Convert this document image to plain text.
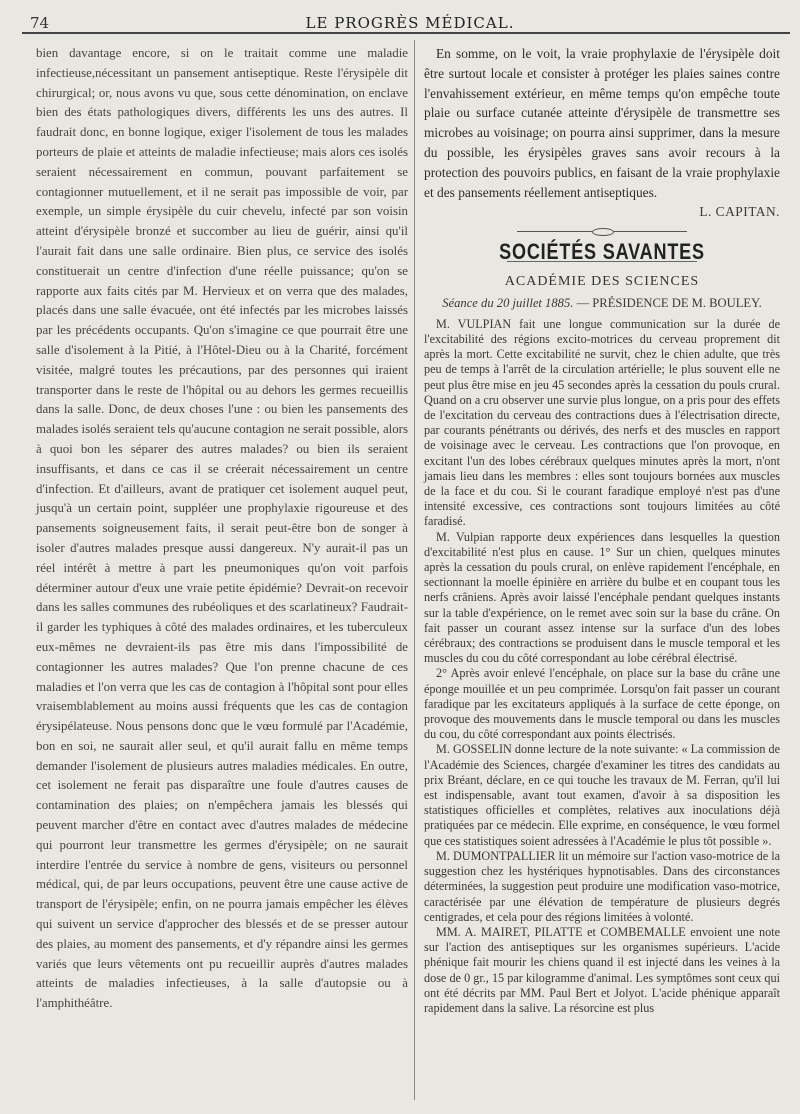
74	LE PROGRÈS MÉDICAL.

bien davantage encore, si on le traitait comme une maladie infectieuse,nécessitant un pansement antiseptique. Reste l'érysipèle dit chirurgical; or, nous avons vu que, sous cette dénomination, on enclave bien des états pathologiques divers, différents les uns des autres. Il faudrait donc, en bonne logique, exiger l'isolement de tous les malades porteurs de plaie et atteints de maladie infectieuse; mais alors ces isolés seraient nécessairement en commun, pouvant parfaitement se contagionner mutuellement, et il ne serait pas impossible de voir, par exemple, un simple érysipèle du cuir chevelu, infecté par son voisin atteint d'érysipèle bronzé et succomber au lieu de guérir, ainsi qu'il l'aurait fait dans une salle ordinaire. Bien plus, ce service des isolés constituerait un centre d'infection d'une réelle puissance; qu'on se rapporte aux faits cités par M. Hervieux et on verra que des malades, placés dans une salle évacuée, ont été infectés par les microbes laissés par les précédents occupants. Qu'on s'imagine ce que pourrait être une salle d'isolement à la Pitié, à l'Hôtel-Dieu ou à la Charité, forcément visitée, malgré toutes les précautions, par des personnes qui iraient transporter dans le reste de l'hôpital ou au dehors les germes recueillis dans la salle. Donc, de deux choses l'une : ou bien les pansements des malades isolés seraient tels qu'aucune contagion ne serait possible, alors à quoi bon les séparer des autres malades? ou bien ils seraient insuffisants, et dans ce cas il se créerait nécessairement un centre d'infection. Et d'ailleurs, avant de pratiquer cet isolement auquel peut, jusqu'à un certain point, suppléer une prophylaxie rigoureuse et des pansements soigneusement faits, il serait peut-être bon de songer à isoler d'autres malades presque aussi dangereux. N'y aurait-il pas un réel intérêt à mettre à part les pneumoniques qu'on voit parfois déterminer autour d'eux une vraie petite épidémie? Devrait-on recevoir dans les salles communes des rubéoliques et des scarlatineux? Faudrait-il garder les typhiques à côté des malades ordinaires, et les tuberculeux eux-mêmes ne devraient-ils pas être mis dans l'impossibilité de contagionner les autres malades? Que l'on prenne chacune de ces maladies et l'on verra que les cas de contagion à l'hôpital sont pour elles vraisemblablement au moins aussi fréquents que les cas de contagion érysipélateuse. Nous pensons donc que le vœu formulé par l'Académie, bon en soi, ne saurait aller seul, et qu'il aurait fallu en même temps demander l'isolement de plusieurs autres maladies médicales. En outre, cet isolement ne ferait pas disparaître une foule d'autres causes de contamination des plaies; on n'empêchera jamais les blessés qui peuvent marcher d'être en contact avec d'autres malades de médecine qui pourront leur transmettre les germes d'érysipèle; on ne saurait interdire l'entrée du service à nombre de gens, visiteurs ou personnel médical, qui, de par leurs occupations, peuvent être une cause active de transport de l'érysipèle; enfin, on ne pourra jamais empêcher les élèves qui suivent un service d'approcher des blessés et de se presser autour des plaies, au moment des pansements, et d'y répandre ainsi les germes variés que leurs vêtements ont pu recueillir auprès d'autres malades atteints de maladies infectieuses, à la salle d'autopsie ou à l'amphithéâtre.

En somme, on le voit, la vraie prophylaxie de l'érysipèle doit être surtout locale et consister à protéger les plaies saines contre l'envahissement extérieur, en même temps qu'on empêche toute plaie ou surface cutanée atteinte d'érysipèle de transmettre ses microbes au voisinage; on pourra ainsi supprimer, dans la mesure du possible, les érysipèles graves sans avoir recours à la protection des pouvoirs publics, en faisant de la vraie prophylaxie et des pansements réellement antiseptiques.

L. CAPITAN.
SOCIÉTÉS SAVANTES
ACADÉMIE DES SCIENCES
Séance du 20 juillet 1885. — PRÉSIDENCE DE M. BOULEY.

M. VULPIAN fait une longue communication sur la durée de l'excitabilité des régions excito-motrices du cerveau proprement dit après la mort. Cette excitabilité ne survit, chez le chien adulte, que très peu de temps à l'arrêt de la circulation artérielle; le plus souvent elle ne peut plus être mise en jeu 45 secondes après la cessation du pouls crural. Quand on a cru observer une survie plus longue, on a pris pour des effets de l'excitation du cerveau des contractions dues à l'électrisation directe, par courants pénétrants ou dérivés, des nerfs et des muscles en rapport de voisinage avec le cerveau. Les contractions que l'on provoque, en excitant l'un des lobes cérébraux quelques minutes après la mort, n'ont jamais lieu dans les membres : elles sont toujours bornées aux muscles de la face et du cou. Si le courant faradique employé n'est pas d'une intensité excessive, ces contractions sont toujours limitées au côté faradisé.

M. Vulpian rapporte deux expériences dans lesquelles la question d'excitabilité n'est plus en cause. 1° Sur un chien, quelques minutes après la cessation du pouls crural, on enlève rapidement l'encéphale, en sectionnant la moelle épinière en arrière du bulbe et en coupant tous les nerfs crâniens. Après avoir laissé l'encéphale pendant quelques instants sur la table d'expérience, on le remet avec soin sur la base du crâne. On fait passer un courant assez intense sur la surface d'un des lobes cérébraux; des contractions se produisent dans le muscle temporal et les muscles du cou du côté correspondant au lobe cérébral électrisé.

2° Après avoir enlevé l'encéphale, on place sur la base du crâne une éponge mouillée et un peu comprimée. Lorsqu'on fait passer un courant faradique par les excitateurs appliqués à la surface de cette éponge, on provoque des mouvements dans le muscle temporal ou dans les muscles du cou, du côté correspondant aux points électrisés.

M. GOSSELIN donne lecture de la note suivante: « La commission de l'Académie des Sciences, chargée d'examiner les titres des candidats au prix Bréant, déclare, en ce qui touche les travaux de M. Ferran, qu'il lui est indispensable, avant tout examen, d'avoir à sa disposition les statistiques officielles et complètes, relatives aux inoculations déjà pratiquées par ce médecin. Elle exprime, en conséquence, le vœu formel que ces statistiques soient adressées à l'Académie le plus tôt possible ».

M. DUMONTPALLIER lit un mémoire sur l'action vaso-motrice de la suggestion chez les hystériques hypnotisables. Dans des circonstances déterminées, la suggestion peut produire une modification vaso-motrice, caractérisée par une élévation de température de plusieurs degrés centigrades, et cela pour des régions limitées à volonté.

MM. A. MAIRET, PILATTE et COMBEMALLE envoient une note sur l'action des antiseptiques sur les organismes supérieurs. L'acide phénique fait mourir les chiens quand il est injecté dans les veines à la dose de 0 gr., 15 par kilogramme d'animal. Les symptômes sont ceux qui ont été décrits par MM. Paul Bert et Jolyot. L'acide phénique apparaît rapidement dans la salive. La résorcine est plus
